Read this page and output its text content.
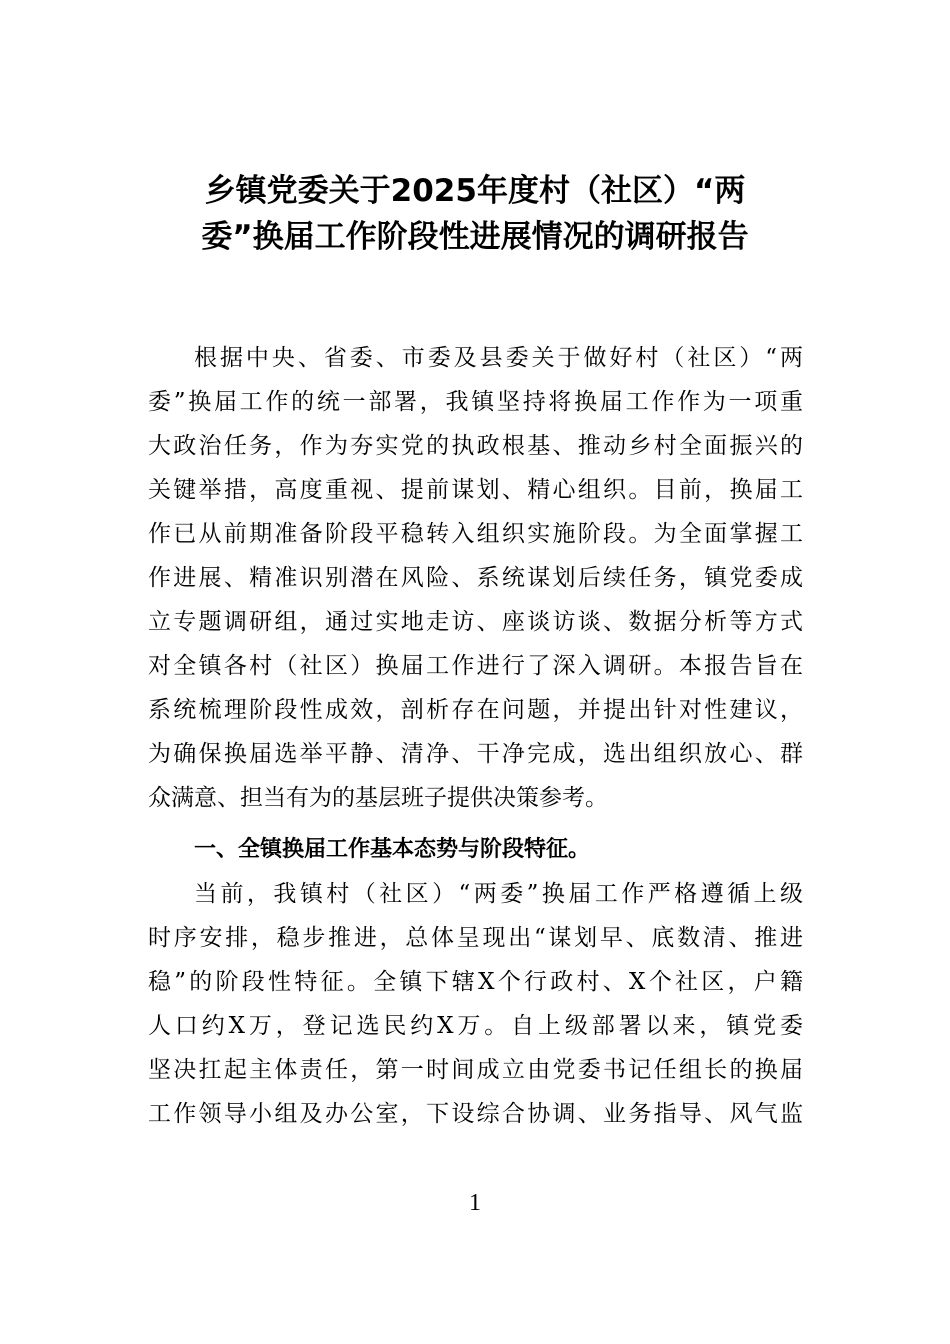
乡镇党委关于2025年度村（社区）“两
委”换届工作阶段性进展情况的调研报告
根据中央、省委、市委及县委关于做好村（社区）“两
委”换届工作的统一部署，我镇坚持将换届工作作为一项重
大政治任务，作为夯实党的执政根基、推动乡村全面振兴的
关键举措，高度重视、提前谋划、精心组织。目前，换届工
作已从前期准备阶段平稳转入组织实施阶段。为全面掌握工
作进展、精准识别潜在风险、系统谋划后续任务，镇党委成
立专题调研组，通过实地走访、座谈访谈、数据分析等方式
对全镇各村（社区）换届工作进行了深入调研。本报告旨在
系统梳理阶段性成效，剖析存在问题，并提出针对性建议，
为确保换届选举平静、清净、干净完成，选出组织放心、群
众满意、担当有为的基层班子提供决策参考。
一、全镇换届工作基本态势与阶段特征。
当前，我镇村（社区）“两委”换届工作严格遵循上级
时序安排，稳步推进，总体呈现出“谋划早、底数清、推进
稳”的阶段性特征。全镇下辖X个行政村、X个社区，户籍
人口约X万，登记选民约X万。自上级部署以来，镇党委
坚决扛起主体责任，第一时间成立由党委书记任组长的换届
工作领导小组及办公室，下设综合协调、业务指导、风气监
1
